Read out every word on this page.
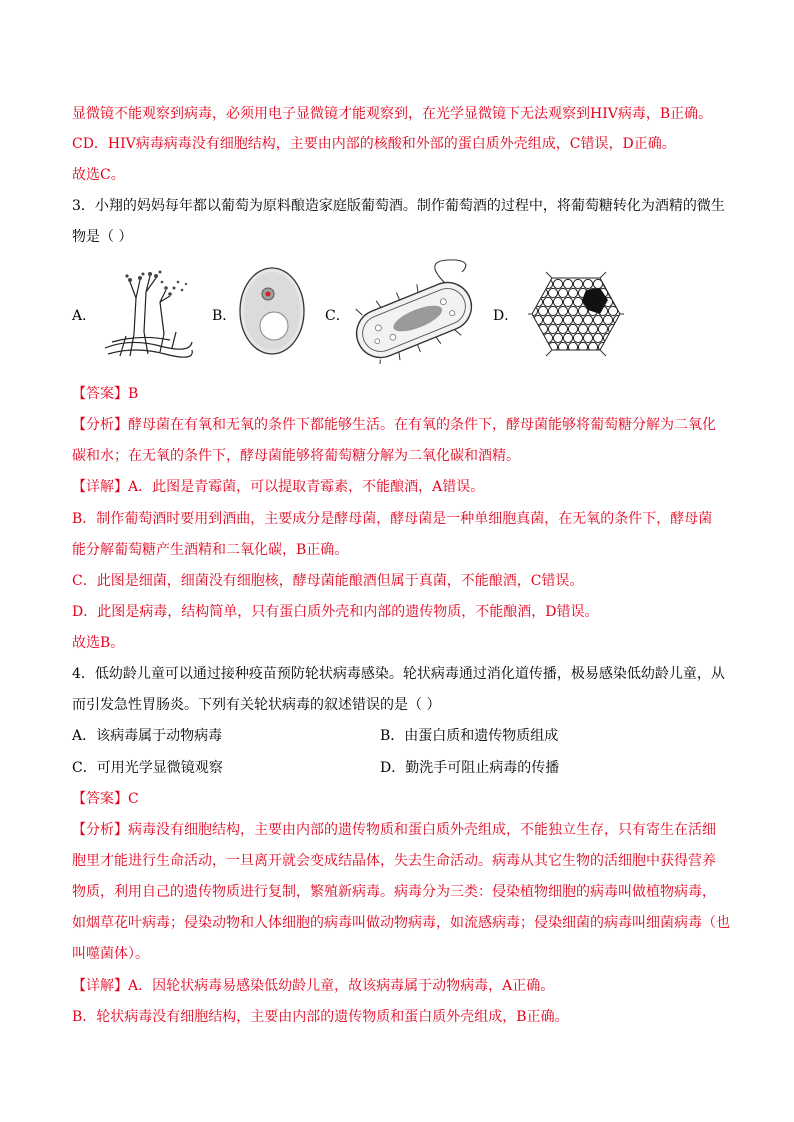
显微镜不能观察到病毒，必须用电子显微镜才能观察到，在光学显微镜下无法观察到HIV病毒，B正确。
CD．HIV病毒病毒没有细胞结构，主要由内部的核酸和外部的蛋白质外壳组成，C错误，D正确。
故选C。
3．小翔的妈妈每年都以葡萄为原料酿造家庭版葡萄酒。制作葡萄酒的过程中，将葡萄糖转化为酒精的微生
物是（ ）
A．	B．	C．	D．
【答案】B
【分析】酵母菌在有氧和无氧的条件下都能够生活。在有氧的条件下，酵母菌能够将葡萄糖分解为二氧化
碳和水；在无氧的条件下，酵母菌能够将葡萄糖分解为二氧化碳和酒精。
【详解】A．此图是青霉菌，可以提取青霉素，不能酿酒，A错误。
B．制作葡萄酒时要用到酒曲，主要成分是酵母菌，酵母菌是一种单细胞真菌，在无氧的条件下，酵母菌
能分解葡萄糖产生酒精和二氧化碳，B正确。
C．此图是细菌，细菌没有细胞核，酵母菌能酿酒但属于真菌，不能酿酒，C错误。
D．此图是病毒，结构简单，只有蛋白质外壳和内部的遗传物质，不能酿酒，D错误。
故选B。
4．低幼龄儿童可以通过接种疫苗预防轮状病毒感染。轮状病毒通过消化道传播，极易感染低幼龄儿童，从
而引发急性胃肠炎。下列有关轮状病毒的叙述错误的是（ ）
A．该病毒属于动物病毒	B．由蛋白质和遗传物质组成
C．可用光学显微镜观察	D．勤洗手可阻止病毒的传播
【答案】C
【分析】病毒没有细胞结构，主要由内部的遗传物质和蛋白质外壳组成，不能独立生存，只有寄生在活细
胞里才能进行生命活动，一旦离开就会变成结晶体，失去生命活动。病毒从其它生物的活细胞中获得营养
物质，利用自己的遗传物质进行复制，繁殖新病毒。病毒分为三类：侵染植物细胞的病毒叫做植物病毒，
如烟草花叶病毒；侵染动物和人体细胞的病毒叫做动物病毒，如流感病毒；侵染细菌的病毒叫细菌病毒（也
叫噬菌体）。
【详解】A．因轮状病毒易感染低幼龄儿童，故该病毒属于动物病毒，A正确。
B．轮状病毒没有细胞结构，主要由内部的遗传物质和蛋白质外壳组成，B正确。
